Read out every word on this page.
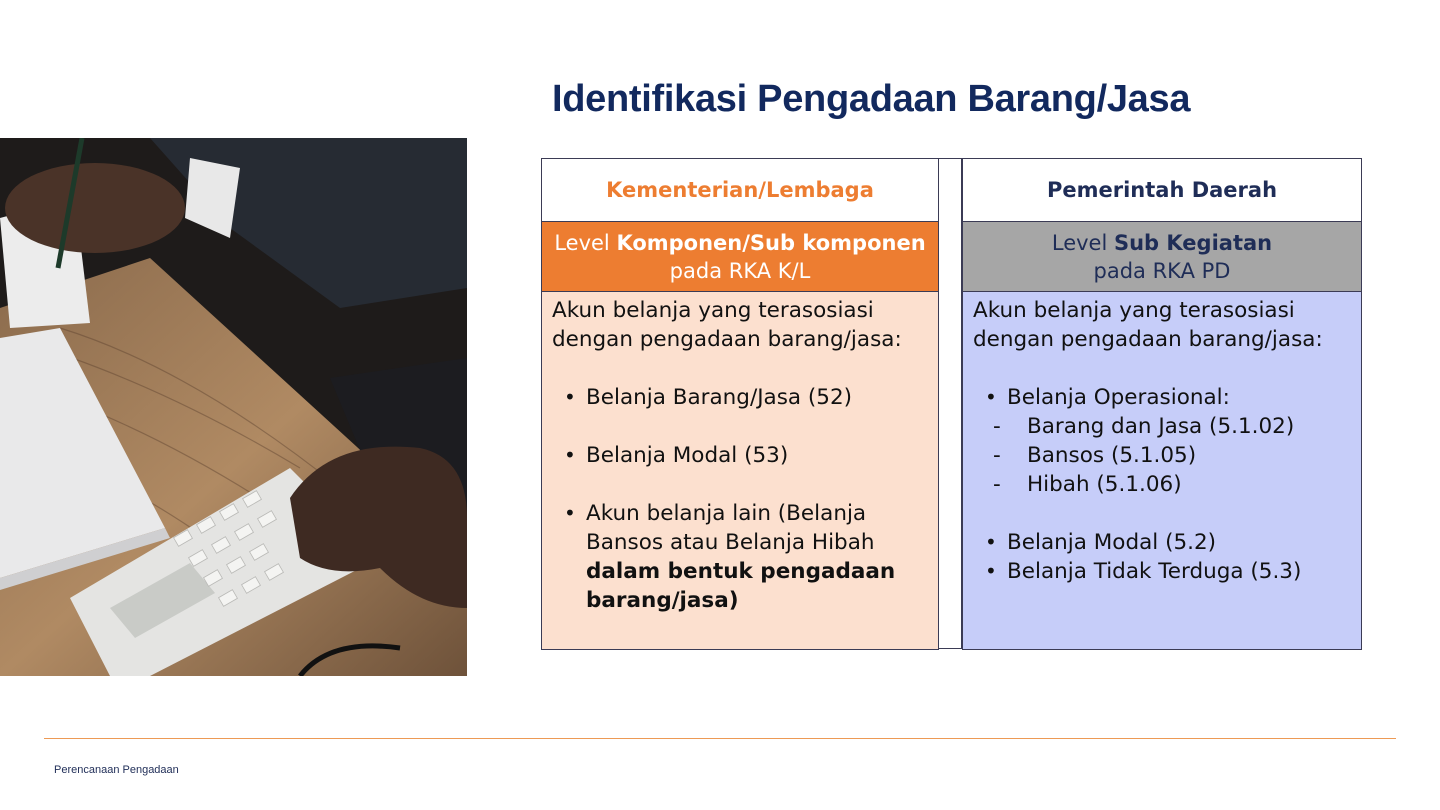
Identifikasi Pengadaan Barang/Jasa
Kementerian/Lembaga
Level Komponen/Sub komponen pada RKA K/L

Akun belanja yang terasosiasi dengan pengadaan barang/jasa:

• Belanja Barang/Jasa (52)
• Belanja Modal (53)
• Akun belanja lain (Belanja Bansos atau Belanja Hibah dalam bentuk pengadaan barang/jasa)
Pemerintah Daerah
Level Sub Kegiatan
pada RKA PD

Akun belanja yang terasosiasi dengan pengadaan barang/jasa:

• Belanja Operasional:
- Barang dan Jasa (5.1.02)
- Bansos (5.1.05)
- Hibah (5.1.06)
• Belanja Modal (5.2)
• Belanja Tidak Terduga (5.3)
Perencanaan Pengadaan
